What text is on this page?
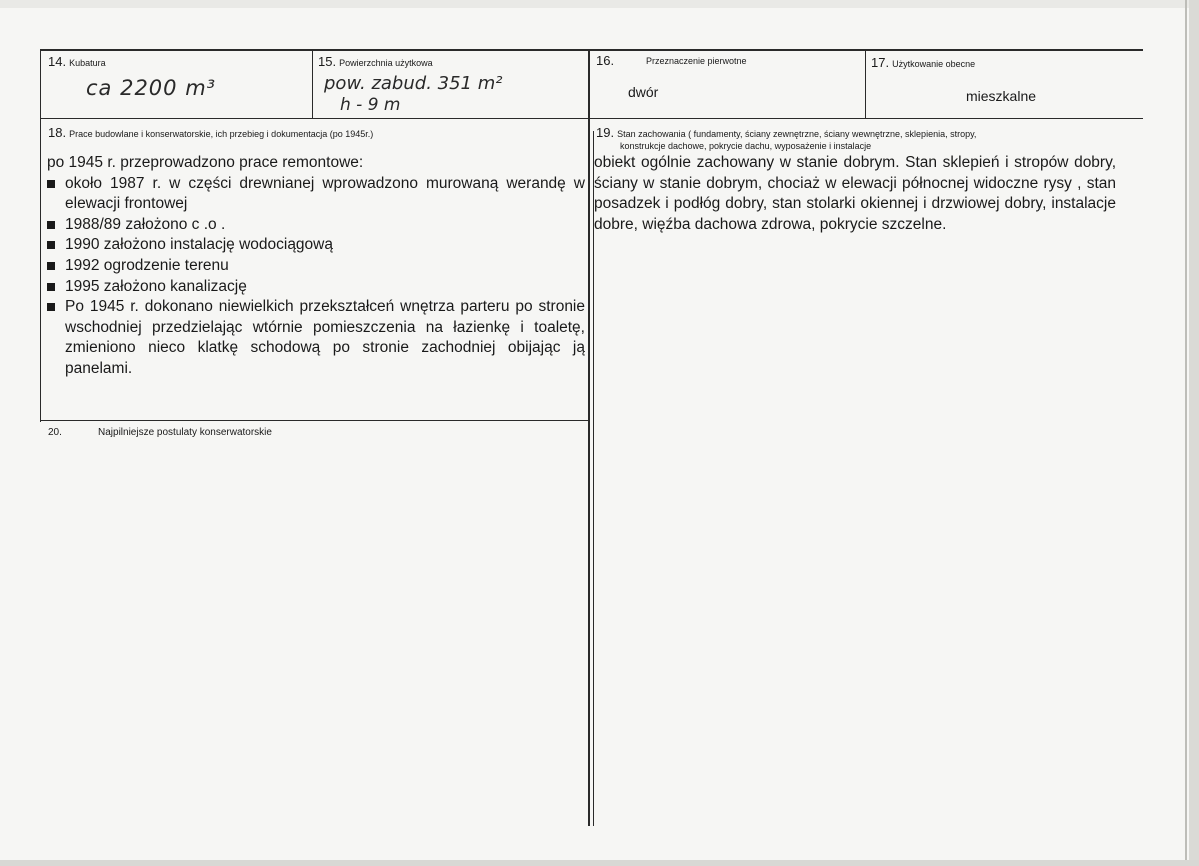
14. Kubatura
ca 2200 m³
15. Powierzchnia użytkowa
pow. zabud. 351 m²
h - 9 m
16.	Przeznaczenie pierwotne
dwór
17. Użytkowanie obecne
mieszkalne
18. Prace budowlane i konserwatorskie, ich przebieg i dokumentacja (po 1945r.)

po 1945 r. przeprowadzono prace remontowe:

około 1987 r. w części drewnianej wprowadzono murowaną werandę w elewacji frontowej
1988/89 założono c .o .
1990 założono instalację wodociągową
1992 ogrodzenie terenu
1995 założono kanalizację
Po 1945 r. dokonano niewielkich przekształceń wnętrza parteru po stronie wschodniej przedzielając wtórnie pomieszczenia na łazienkę i toaletę, zmieniono nieco klatkę schodową po stronie zachodniej obijając ją panelami.
19. Stan zachowania ( fundamenty, ściany zewnętrzne, ściany wewnętrzne, sklepienia, stropy,
konstrukcje dachowe, pokrycie dachu, wyposażenie i instalacje

obiekt ogólnie zachowany w stanie dobrym. Stan sklepień i stropów dobry, ściany w stanie dobrym, chociaż w elewacji północnej widoczne rysy , stan posadzek i podłóg dobry, stan stolarki okiennej i drzwiowej dobry, instalacje dobre, więźba dachowa zdrowa, pokrycie szczelne.

20.	Najpilniejsze postulaty konserwatorskie
